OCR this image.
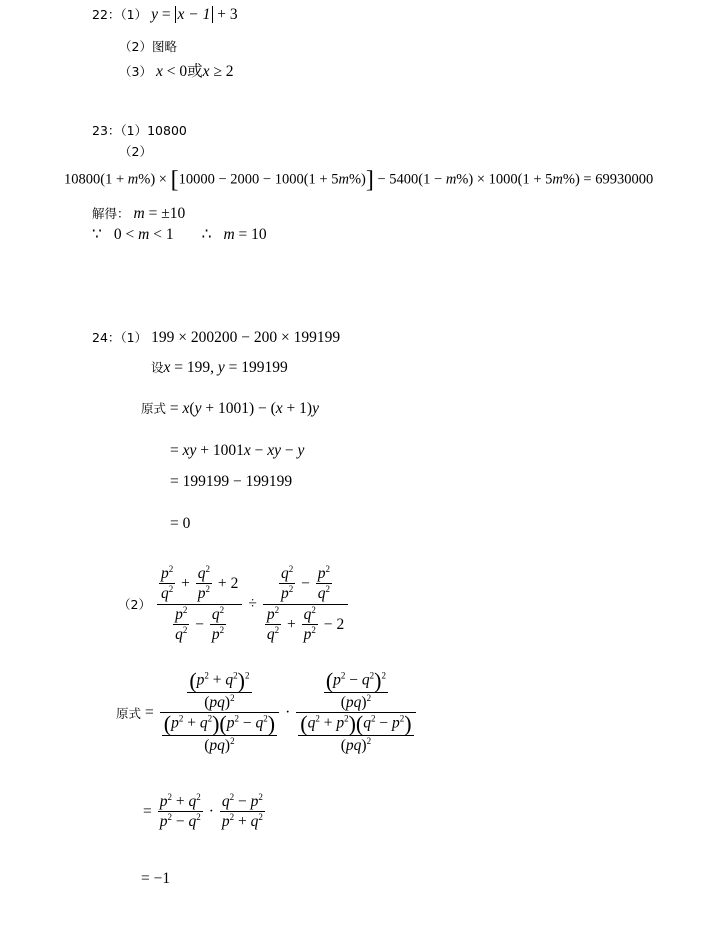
22：（1） y = x − 1 + 3
（2）图略
（3） x < 0或x ≥ 2
23：（1）10800
（2）
10800(1 + m%) × [10000 − 2000 − 1000(1 + 5m%)] − 5400(1 − m%) × 1000(1 + 5m%) = 69930000
解得： m = ±10
∵ 0 < m < 1 ∴ m = 10
24：（1） 199 × 200200 − 200 × 199199
设x = 199, y = 199199
原式 = x(y + 1001) − (x + 1)y
= xy + 1001x − xy − y
= 199199 − 199199
= 0
$(2) \frac{\frac{p^2}{q^2} + \frac{q^2}{p^2} + 2}{\frac{p^2}{q^2} - \frac{q^2}{p^2}} \div \frac{\frac{q^2}{p^2} - \frac{p^2}{q^2}}{\frac{p^2}{q^2} + \frac{q^2}{p^2} - 2}$
原式 = $\frac{\frac{(p^2 + q^2)^2}{(pq)^2}}{\frac{(p^2 + q^2)(p^2 - q^2)}{(pq)^2}} \cdot \frac{\frac{(p^2 - q^2)^2}{(pq)^2}}{\frac{(q^2 + p^2)(q^2 - p^2)}{(pq)^2}}$
= $\frac{p^2 + q^2}{p^2 - q^2} \cdot \frac{q^2 - p^2}{p^2 + q^2}$
= −1
